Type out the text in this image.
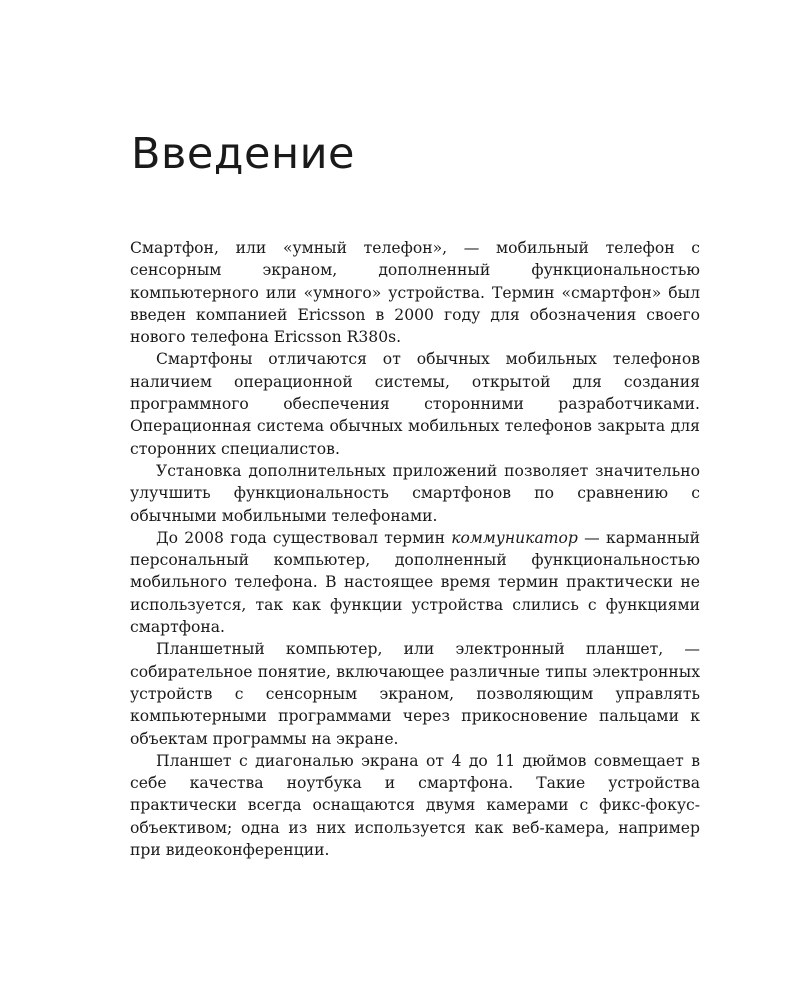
Введение

Смартфон, или «умный телефон», — мобильный телефон с сенсорным экраном, дополненный функциональностью компьютерного или «умного» устройства. Термин «смартфон» был введен компанией Ericsson в 2000 году для обозначения своего нового телефона Ericsson R380s.

Смартфоны отличаются от обычных мобильных телефонов наличием операционной системы, открытой для создания программного обеспечения сторонними разработчиками. Операционная система обычных мобильных телефонов закрыта для сторонних специалистов.

Установка дополнительных приложений позволяет значительно улучшить функциональность смартфонов по сравнению с обычными мобильными телефонами.

До 2008 года существовал термин коммуникатор — карманный персональный компьютер, дополненный функциональностью мобильного телефона. В настоящее время термин практически не используется, так как функции устройства слились с функциями смартфона.

Планшетный компьютер, или электронный планшет, — собирательное понятие, включающее различные типы электронных устройств с сенсорным экраном, позволяющим управлять компьютерными программами через прикосновение пальцами к объектам программы на экране.

Планшет с диагональю экрана от 4 до 11 дюймов совмещает в себе качества ноутбука и смартфона. Такие устройства практически всегда оснащаются двумя камерами с фикс-фокус-объективом; одна из них используется как веб-камера, например при видеоконференции.
